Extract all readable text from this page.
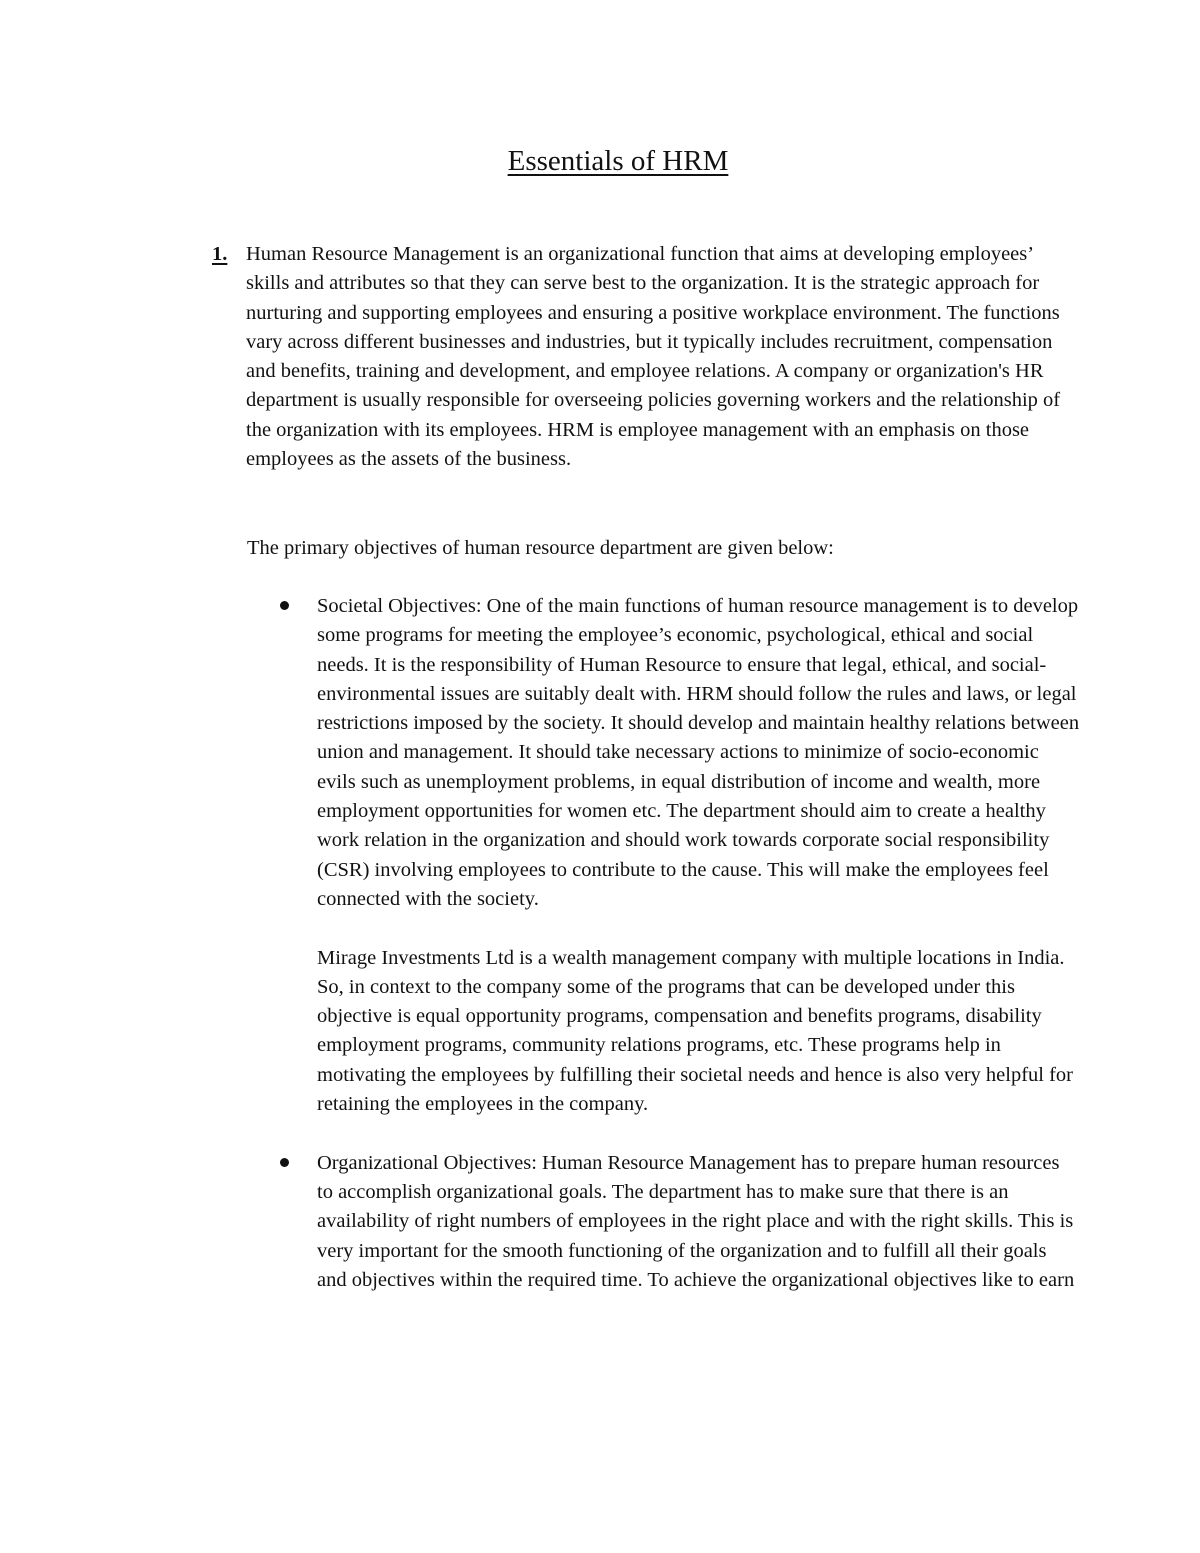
Essentials of HRM
1. Human Resource Management is an organizational function that aims at developing employees’ skills and attributes so that they can serve best to the organization. It is the strategic approach for nurturing and supporting employees and ensuring a positive workplace environment. The functions vary across different businesses and industries, but it typically includes recruitment, compensation and benefits, training and development, and employee relations. A company or organization's HR department is usually responsible for overseeing policies governing workers and the relationship of the organization with its employees. HRM is employee management with an emphasis on those employees as the assets of the business.

The primary objectives of human resource department are given below:

Societal Objectives: One of the main functions of human resource management is to develop some programs for meeting the employee’s economic, psychological, ethical and social needs. It is the responsibility of Human Resource to ensure that legal, ethical, and social-environmental issues are suitably dealt with. HRM should follow the rules and laws, or legal restrictions imposed by the society. It should develop and maintain healthy relations between union and management. It should take necessary actions to minimize of socio-economic evils such as unemployment problems, in equal distribution of income and wealth, more employment opportunities for women etc. The department should aim to create a healthy work relation in the organization and should work towards corporate social responsibility (CSR) involving employees to contribute to the cause. This will make the employees feel connected with the society.

Mirage Investments Ltd is a wealth management company with multiple locations in India. So, in context to the company some of the programs that can be developed under this objective is equal opportunity programs, compensation and benefits programs, disability employment programs, community relations programs, etc. These programs help in motivating the employees by fulfilling their societal needs and hence is also very helpful for retaining the employees in the company.

Organizational Objectives: Human Resource Management has to prepare human resources to accomplish organizational goals. The department has to make sure that there is an availability of right numbers of employees in the right place and with the right skills. This is very important for the smooth functioning of the organization and to fulfill all their goals and objectives within the required time. To achieve the organizational objectives like to earn
